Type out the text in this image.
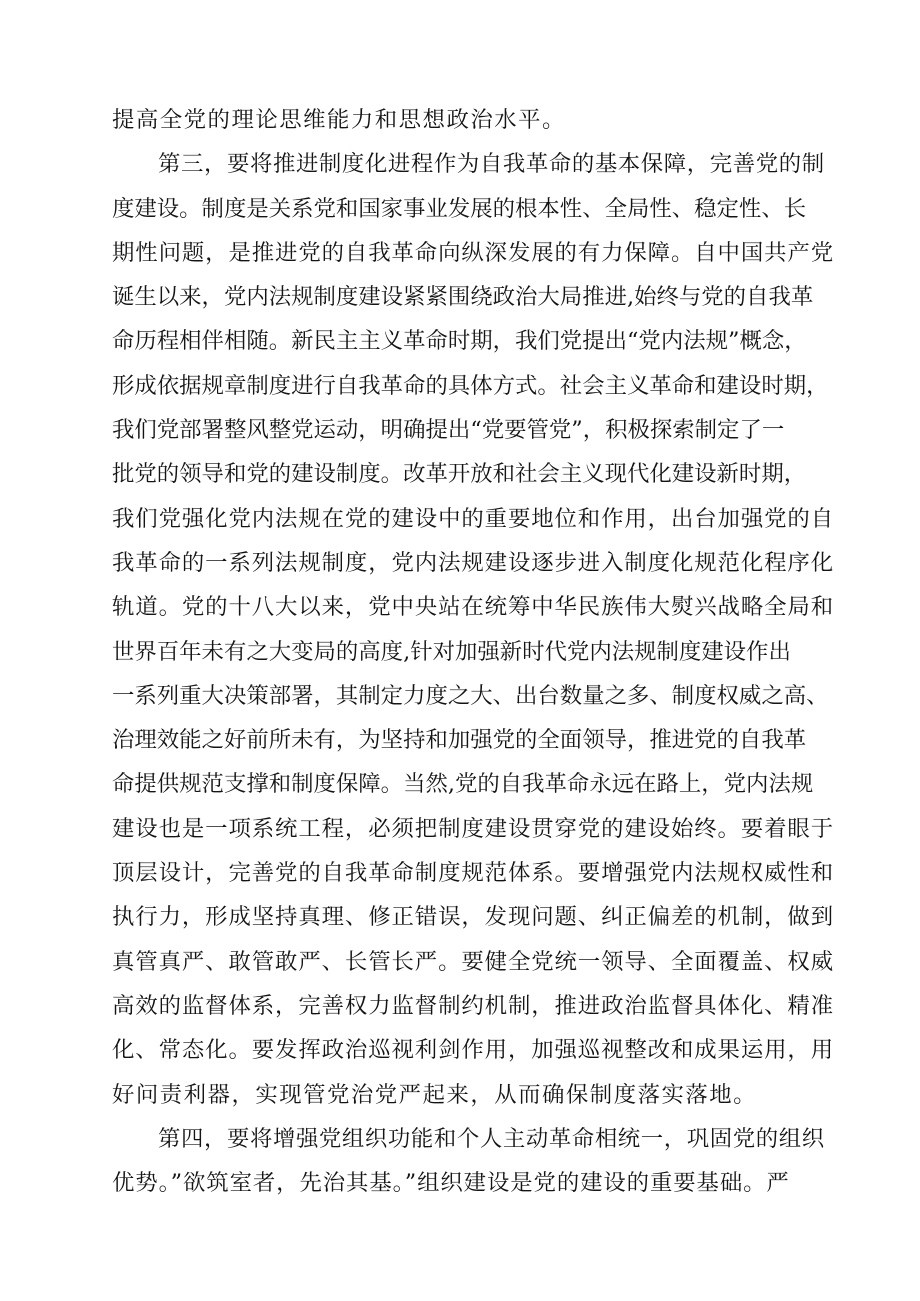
提高全党的理论思维能力和思想政治水平。
第三，要将推进制度化进程作为自我革命的基本保障，完善党的制
度建设。制度是关系党和国家事业发展的根本性、全局性、稳定性、长
期性问题，是推进党的自我革命向纵深发展的有力保障。自中国共产党
诞生以来，党内法规制度建设紧紧围绕政治大局推进,始终与党的自我革
命历程相伴相随。新民主主义革命时期，我们党提出“党内法规”概念，
形成依据规章制度进行自我革命的具体方式。社会主义革命和建设时期，
我们党部署整风整党运动，明确提出“党要管党”，积极探索制定了一
批党的领导和党的建设制度。改革开放和社会主义现代化建设新时期，
我们党强化党内法规在党的建设中的重要地位和作用，出台加强党的自
我革命的一系列法规制度，党内法规建设逐步进入制度化规范化程序化
轨道。党的十八大以来，党中央站在统筹中华民族伟大熨兴战略全局和
世界百年未有之大变局的高度,针对加强新时代党内法规制度建设作出
一系列重大决策部署，其制定力度之大、出台数量之多、制度权威之高、
治理效能之好前所未有，为坚持和加强党的全面领导，推进党的自我革
命提供规范支撑和制度保障。当然,党的自我革命永远在路上，党内法规
建设也是一项系统工程，必须把制度建设贯穿党的建设始终。要着眼于
顶层设计，完善党的自我革命制度规范体系。要增强党内法规权威性和
执行力，形成坚持真理、修正错误，发现问题、纠正偏差的机制，做到
真管真严、敢管敢严、长管长严。要健全党统一领导、全面覆盖、权威
高效的监督体系，完善权力监督制约机制，推进政治监督具体化、精准
化、常态化。要发挥政治巡视利剑作用，加强巡视整改和成果运用，用
好问责利器，实现管党治党严起来，从而确保制度落实落地。
第四，要将增强党组织功能和个人主动革命相统一，巩固党的组织
优势。”欲筑室者，先治其基。”组织建设是党的建设的重要基础。严
